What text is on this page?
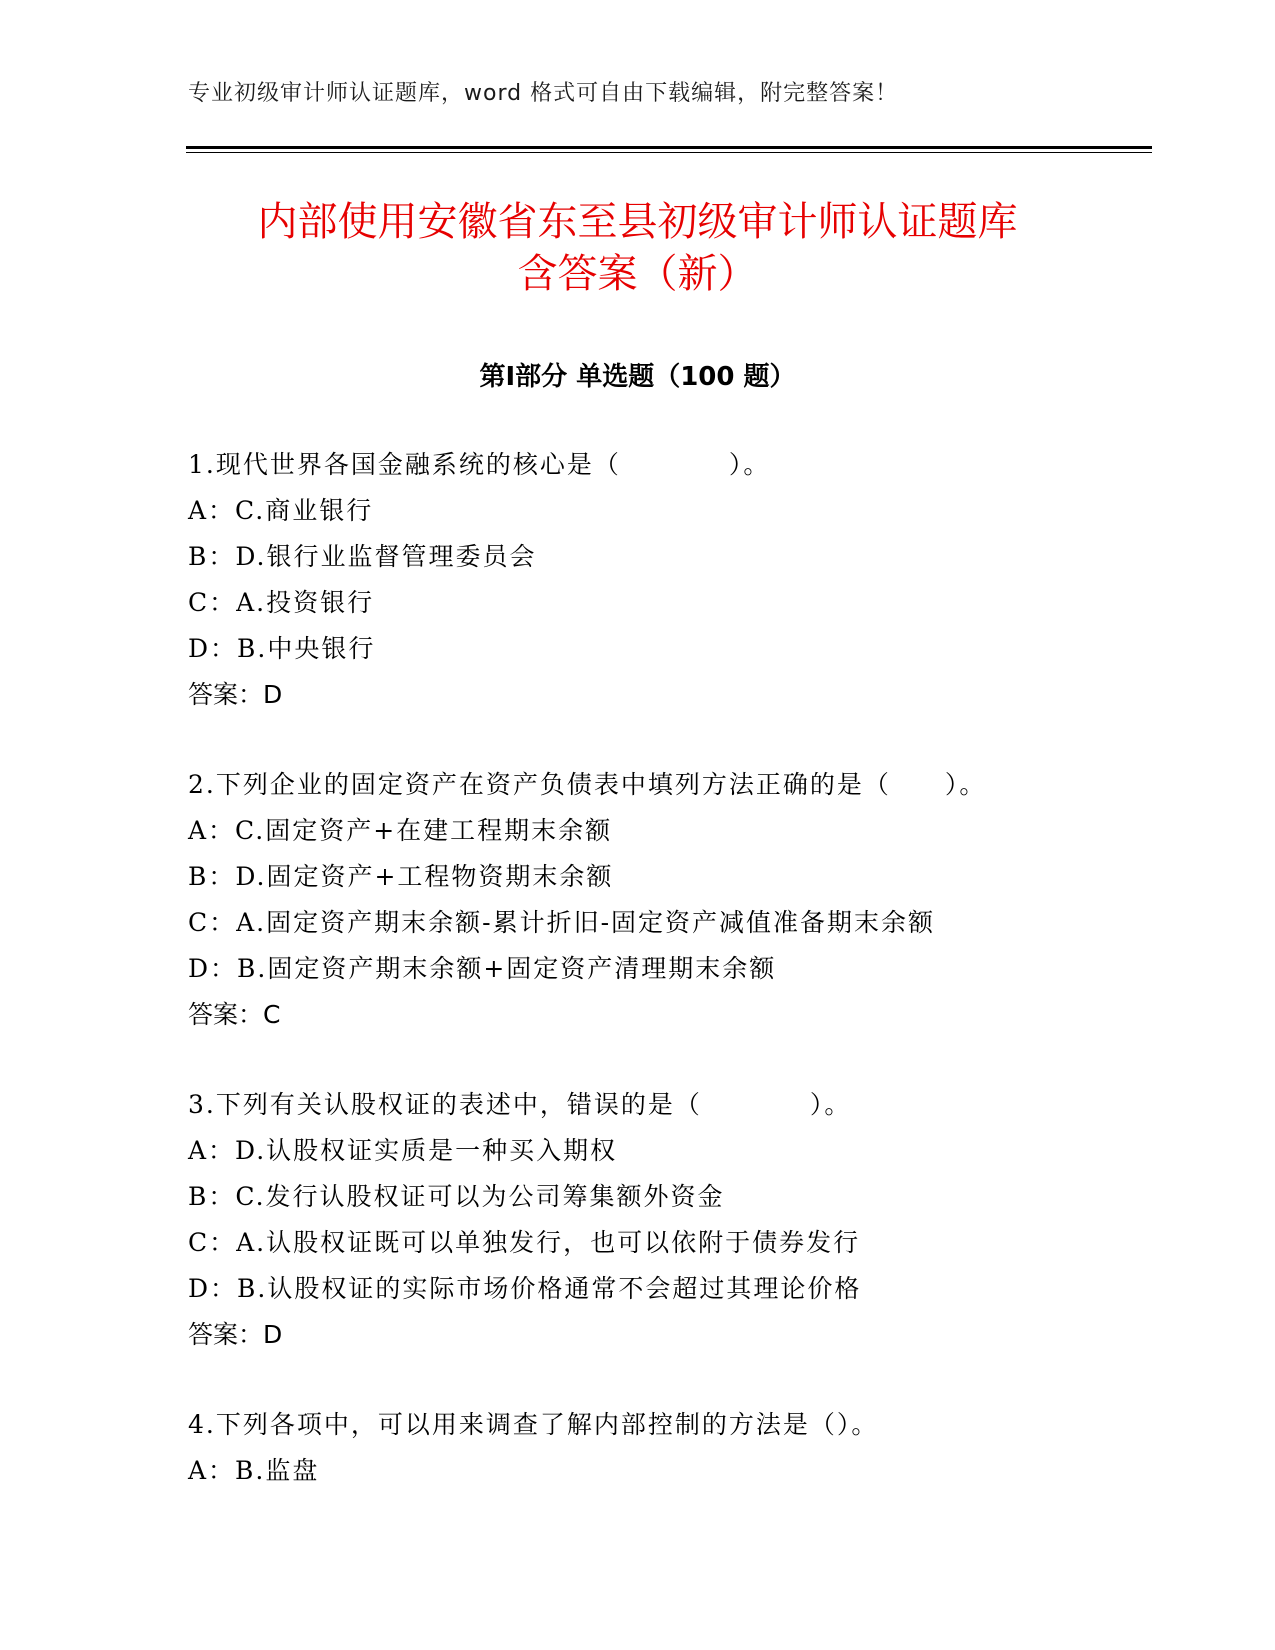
专业初级审计师认证题库，word 格式可自由下载编辑，附完整答案！
内部使用安徽省东至县初级审计师认证题库
含答案（新）
第Ⅰ部分 单选题（100 题）
1.现代世界各国金融系统的核心是（　　　　）。
A：C.商业银行
B：D.银行业监督管理委员会
C：A.投资银行
D：B.中央银行
答案：D
2.下列企业的固定资产在资产负债表中填列方法正确的是（　　）。
A：C.固定资产+在建工程期末余额
B：D.固定资产+工程物资期末余额
C：A.固定资产期末余额-累计折旧-固定资产减值准备期末余额
D：B.固定资产期末余额+固定资产清理期末余额
答案：C
3.下列有关认股权证的表述中，错误的是（　　　　）。
A：D.认股权证实质是一种买入期权
B：C.发行认股权证可以为公司筹集额外资金
C：A.认股权证既可以单独发行，也可以依附于债券发行
D：B.认股权证的实际市场价格通常不会超过其理论价格
答案：D
4.下列各项中，可以用来调查了解内部控制的方法是（）。
A：B.监盘
